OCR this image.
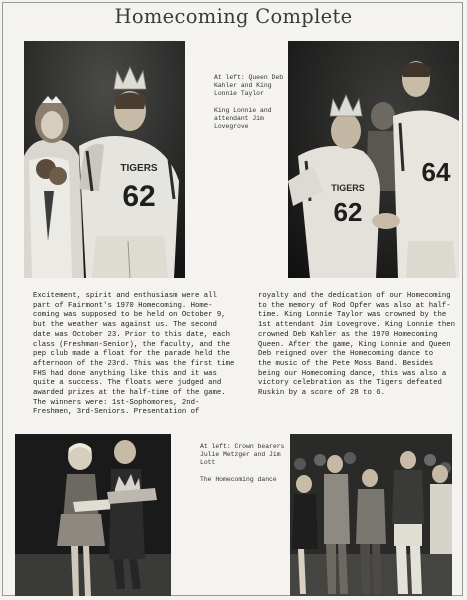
Homecoming Complete
TIGERS
62
At left: Queen Deb
Kahler and King
Lonnie Taylor

King Lonnie and
attendant Jim
Lovegrove
TIGERS
62
64
Excitement, spirit and enthusiasm were all
part of Fairmont's 1970 Homecoming. Home-
coming was supposed to be held on October 9,
but the weather was against us. The second
date was October 23. Prior to this date, each
class (Freshman-Senior), the faculty, and the
pep club made a float for the parade held the
afternoon of the 23rd. This was the first time
FHS had done anything like this and it was
quite a success. The floats were judged and
awarded prizes at the half-time of the game.
The winners were: 1st-Sophomores, 2nd-
Freshmen, 3rd-Seniors. Presentation of
royalty and the dedication of our Homecoming
to the memory of Rod Opfer was also at half-
time. King Lonnie Taylor was crowned by the
1st attendant Jim Lovegrove. King Lonnie then
crowned Deb Kahler as the 1970 Homecoming
Queen. After the game, King Lonnie and Queen
Deb reigned over the Homecoming dance to
the music of the Pete Moss Band. Besides
being our Homecoming dance, this was also a
victory celebration as the Tigers defeated
Ruskin by a score of 28 to 6.
At left: Crown bearers
Julie Metzger and Jim
Lott

The Homecoming dance
